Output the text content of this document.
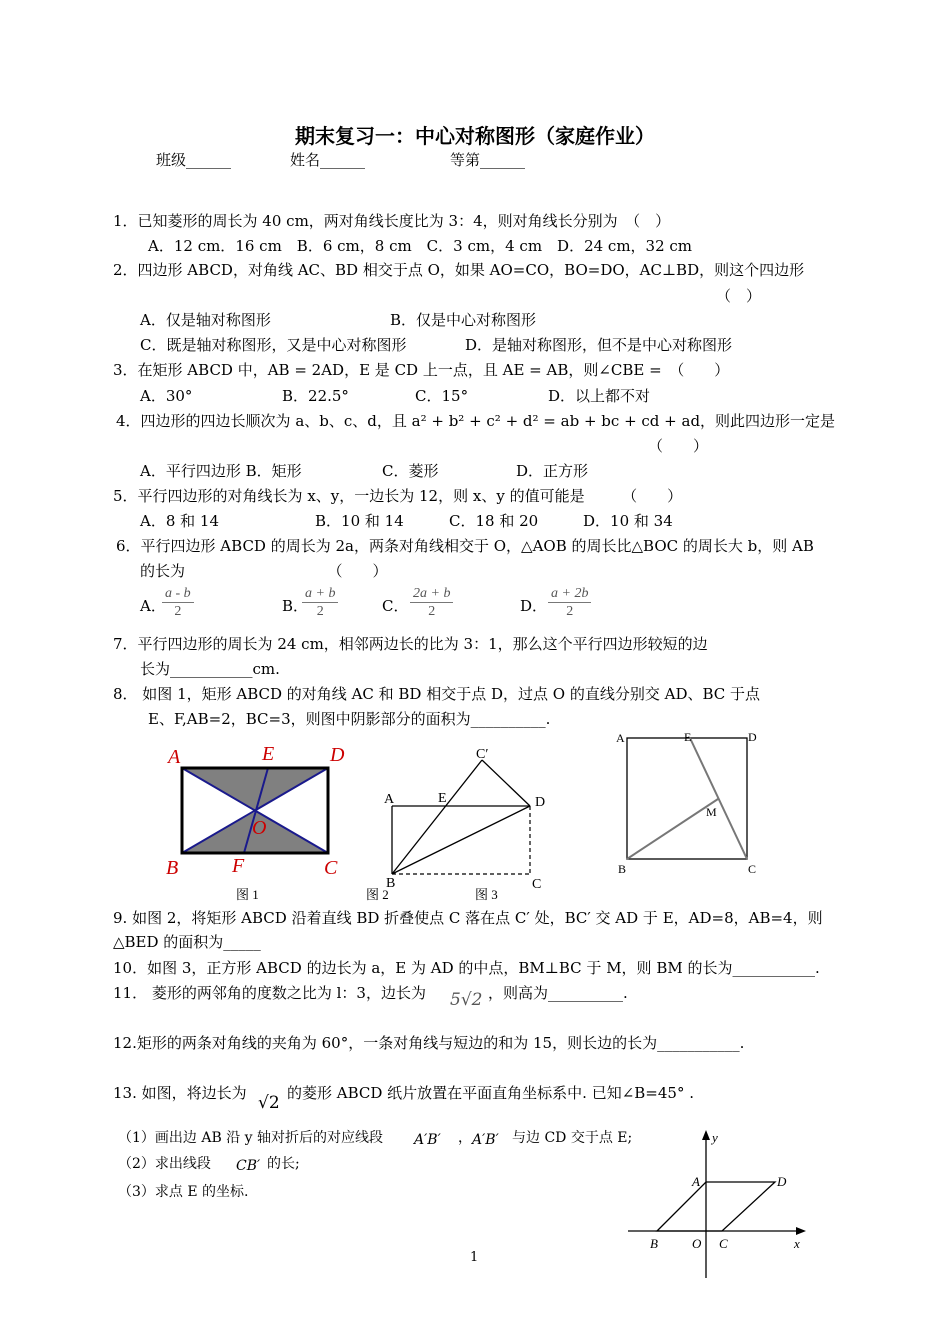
期末复习一：中心对称图形（家庭作业）
班级______	姓名______	等第______
1．已知菱形的周长为 40 cm，两对角线长度比为 3：4，则对角线长分别为　（　）
A．12 cm．16 cm　B．6 cm，8 cm　C．3 cm，4 cm　D．24 cm，32 cm
2．四边形 ABCD，对角线 AC、BD 相交于点 O，如果 AO=CO，BO=DO，AC⊥BD，则这个四边形
（　）
A．仅是轴对称图形	B．仅是中心对称图形
C．既是轴对称图形，又是中心对称图形	D．是轴对称图形，但不是中心对称图形
3．在矩形 ABCD 中，AB = 2AD，E 是 CD 上一点，且 AE = AB，则∠CBE =　（　　）
A．30°	B．22.5°	C．15°	D．以上都不对
4．四边形的四边长顺次为 a、b、c、d，且 a² + b² + c² + d² = ab + bc + cd + ad，则此四边形一定是
（　　）
A．平行四边形 B．矩形	C．菱形	D．正方形
5．平行四边形的对角线长为 x、y，一边长为 12，则 x、y 的值可能是　　　（　　）
A．8 和 14	B．10 和 14	C．18 和 20	D．10 和 34
6．平行四边形 ABCD 的周长为 2a，两条对角线相交于 O，△AOB 的周长比△BOC 的周长大 b，则 AB
的长为　　　　　　　　　　（　　）
A．
$\frac{a - b}{2}$	B．
$\frac{a + b}{2}$	C． $\frac{2a + b}{2}$	D． $\frac{a + 2b}{2}$
7．平行四边形的周长为 24 cm，相邻两边长的比为 3：1，那么这个平行四边形较短的边
长为___________cm.
8． 如图 1，矩形 ABCD 的对角线 AC 和 BD 相交于点 D，过点 O 的直线分别交 AD、BC 于点
E、F,AB=2，BC=3，则图中阴影部分的面积为__________.
A	E	D
O
B	F	C
C′
A	E	D
B	C
A	E	D
M
B	C
图 1	图 2	图 3
9. 如图 2，将矩形 ABCD 沿着直线 BD 折叠使点 C 落在点 C′ 处，BC′ 交 AD 于 E，AD=8，AB=4，则
△BED 的面积为_____
10．如图 3，正方形 ABCD 的边长为 a，E 为 AD 的中点，BM⊥BC 于 M，则 BM 的长为___________.
11． 菱形的两邻角的度数之比为 l：3，边长为 5√2 ，则高为__________.
12.矩形的两条对角线的夹角为 60°，一条对角线与短边的和为 15，则长边的长为___________.
13. 如图，将边长为 √2 的菱形 ABCD 纸片放置在平面直角坐标系中. 已知∠B=45° .
（1）画出边 AB 沿 y 轴对折后的对应线段 A′B′ ， A′B′ 与边 CD 交于点 E;
（2）求出线段 CB′ 的长;
（3）求点 E 的坐标.
y
x
A	D
B	O C
1
